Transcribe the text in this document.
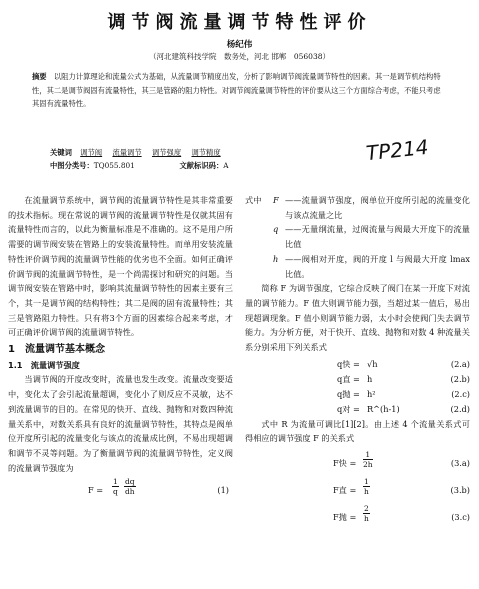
调节阀流量调节特性评价
杨纪伟
（河北建筑科技学院　数务处，河北 邯郸　056038）
摘要　 以阻力计算理论和流量公式为基础，从流量调节精度出发，分析了影响调节阀流量调节特性的因素。其一是调节机结构特性，其二是调节阀固有流量特性，其三是管路的阻力特性。对调节阀流量调节特性的评价要从这三个方面综合考虑，不能只考虑其固有流量特性。
关键词 调节阀 流量调节 调节强度 调节精度
中图分类号：TQ055.801	文献标识码：A
TP214

在流量调节系统中，调节阀的流量调节特性是其非常重要的技术指标。现在常说的调节阀的流量调节特性是仅就其固有流量特性而言的，以此为衡量标准是不准确的。这不是用户所需要的调节阀安装在管路上的安装流量特性。而单用安装流量特性评价调节阀的流量调节性能的优劣也不全面。如何正确评价调节阀的流量调节特性，是一个尚需探讨和研究的问题。当调节阀安装在管路中时，影响其流量调节特性的因素主要有三个，其一是调节阀的结构特性；其二是阀的固有流量特性；其三是管路阻力特性。只有将3个方面的因素综合起来考虑，才可正确评价调节阀的流量调节特性。

1　流量调节基本概念
1.1　流量调节强度

当调节阀的开度改变时，流量也发生改变。流量改变要适中，变化太了会引起流量超调，变化小了则反应不灵敏，达不到流量调节的目的。在常见的快开、直线、抛物和对数四种流量关系中，对数关系具有良好的流量调节特性，其特点是阀单位开度所引起的流量变化与该点的流量成比例，不易出现超调和调节不灵等问题。为了衡量调节阀的流量调节特性，定义阀的流量调节强度为

$F = \frac{1}{q} \frac{dq}{dh}$	(1)
式中	F ——流量调节强度，阀单位开度所引起的流量变化与该点流量之比
q ——无量纲流量，过阀流量与阀最大开度下的流量比值
h ——阀相对开度，阀的开度 l 与阀最大开度 lmax 比值。

简称 F 为调节强度，它综合反映了阀门在某一开度下对流量的调节能力。F 值大则调节能力强，当超过某一值后，易出现超调现象。F 值小则调节能力弱，太小时会使阀门失去调节能力。为分析方便，对于快开、直线、抛物和对数 4 种流量关系分别采用下列关系式

q快 = √h	(2.a)
q直 = h	(2.b)
q抛 = h²	(2.c)
q对 = R^(h-1)	(2.d)

式中 R 为流量可调比[1][2]。由上述 4 个流量关系式可得相应的调节强度 F 的关系式

F快 = $\frac{1}{2h}$	(3.a)
F直 = $\frac{1}{h}$	(3.b)
F抛 = $\frac{2}{h}$	(3.c)
